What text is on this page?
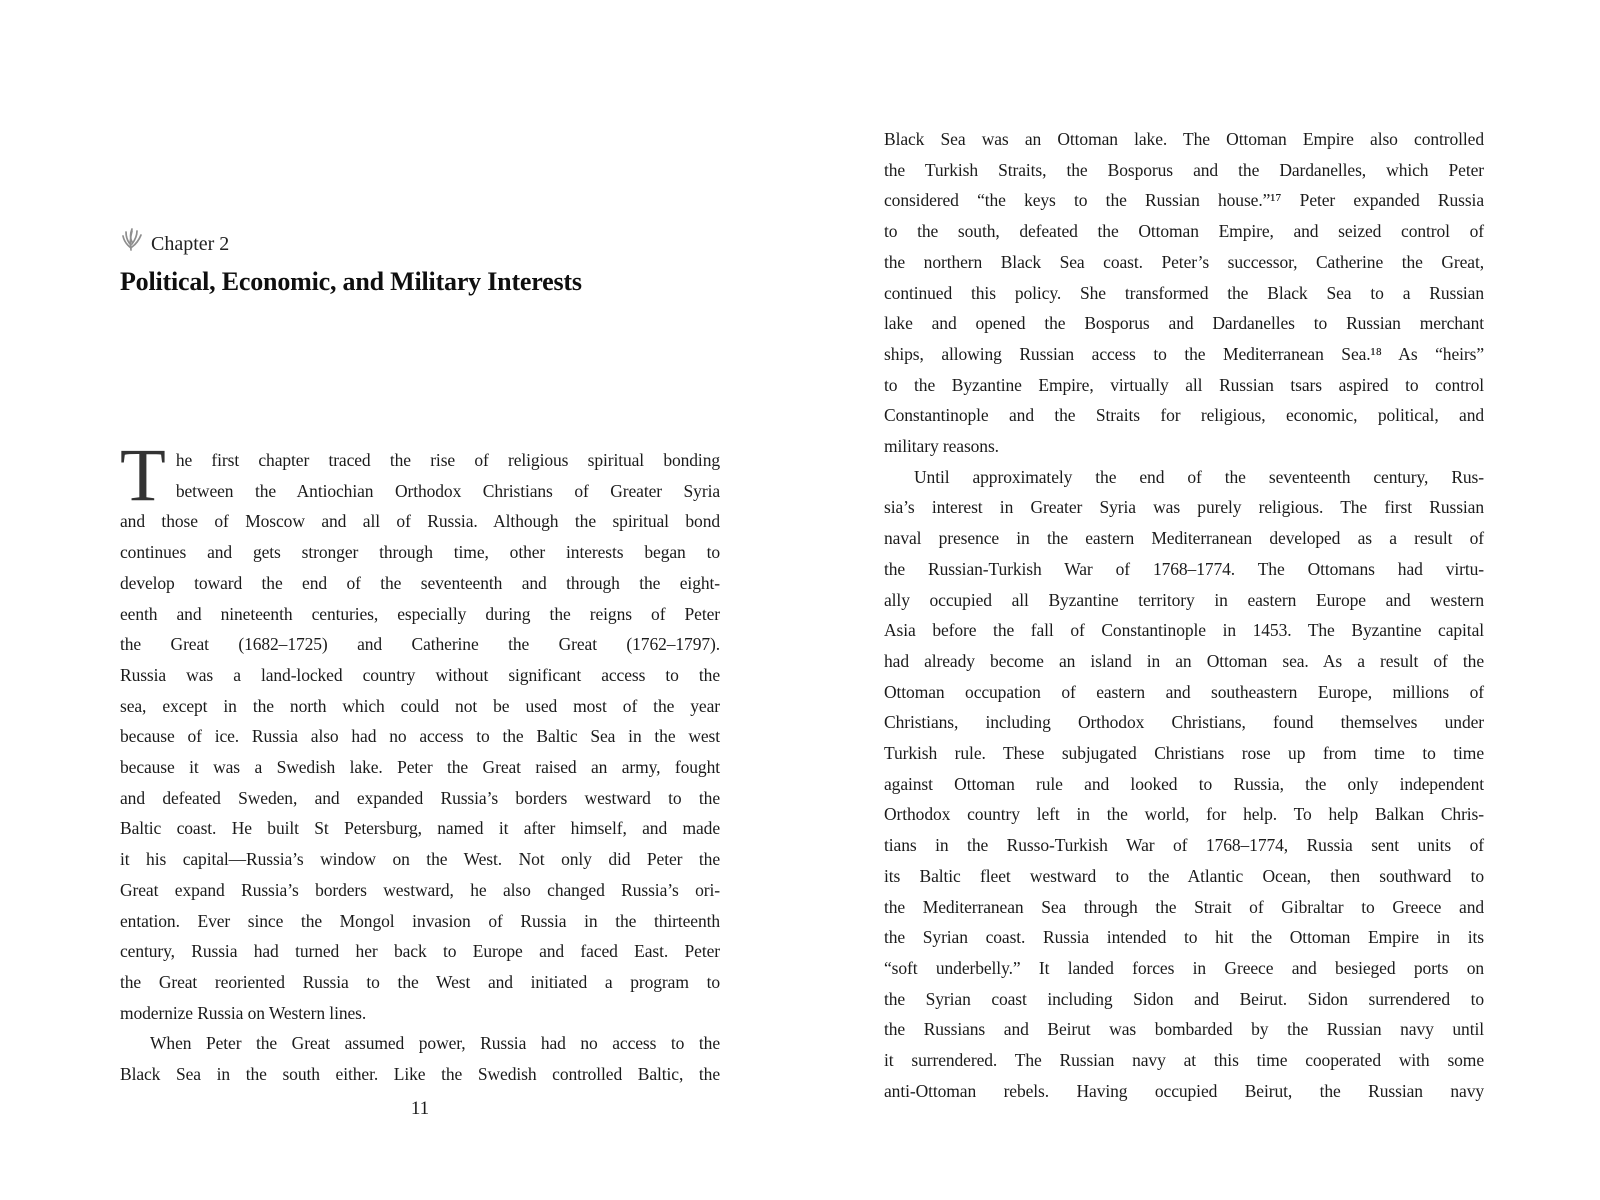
Chapter 2
Political, Economic, and Military Interests
T he first chapter traced the rise of religious spiritual bonding
between the Antiochian Orthodox Christians of Greater Syria
and those of Moscow and all of Russia. Although the spiritual bond
continues and gets stronger through time, other interests began to
develop toward the end of the seventeenth and through the eight-
eenth and nineteenth centuries, especially during the reigns of Peter
the Great (1682–1725) and Catherine the Great (1762–1797).
Russia was a land-locked country without significant access to the
sea, except in the north which could not be used most of the year
because of ice. Russia also had no access to the Baltic Sea in the west
because it was a Swedish lake. Peter the Great raised an army, fought
and defeated Sweden, and expanded Russia’s borders westward to the
Baltic coast. He built St Petersburg, named it after himself, and made
it his capital—Russia’s window on the West. Not only did Peter the
Great expand Russia’s borders westward, he also changed Russia’s ori-
entation. Ever since the Mongol invasion of Russia in the thirteenth
century, Russia had turned her back to Europe and faced East. Peter
the Great reoriented Russia to the West and initiated a program to
modernize Russia on Western lines.
When Peter the Great assumed power, Russia had no access to the
Black Sea in the south either. Like the Swedish controlled Baltic, the
11
Black Sea was an Ottoman lake. The Ottoman Empire also controlled
the Turkish Straits, the Bosporus and the Dardanelles, which Peter
considered “the keys to the Russian house.”¹⁷ Peter expanded Russia
to the south, defeated the Ottoman Empire, and seized control of
the northern Black Sea coast. Peter’s successor, Catherine the Great,
continued this policy. She transformed the Black Sea to a Russian
lake and opened the Bosporus and Dardanelles to Russian merchant
ships, allowing Russian access to the Mediterranean Sea.¹⁸ As “heirs”
to the Byzantine Empire, virtually all Russian tsars aspired to control
Constantinople and the Straits for religious, economic, political, and
military reasons.
Until approximately the end of the seventeenth century, Rus-
sia’s interest in Greater Syria was purely religious. The first Russian
naval presence in the eastern Mediterranean developed as a result of
the Russian-Turkish War of 1768–1774. The Ottomans had virtu-
ally occupied all Byzantine territory in eastern Europe and western
Asia before the fall of Constantinople in 1453. The Byzantine capital
had already become an island in an Ottoman sea. As a result of the
Ottoman occupation of eastern and southeastern Europe, millions of
Christians, including Orthodox Christians, found themselves under
Turkish rule. These subjugated Christians rose up from time to time
against Ottoman rule and looked to Russia, the only independent
Orthodox country left in the world, for help. To help Balkan Chris-
tians in the Russo-Turkish War of 1768–1774, Russia sent units of
its Baltic fleet westward to the Atlantic Ocean, then southward to
the Mediterranean Sea through the Strait of Gibraltar to Greece and
the Syrian coast. Russia intended to hit the Ottoman Empire in its
“soft underbelly.” It landed forces in Greece and besieged ports on
the Syrian coast including Sidon and Beirut. Sidon surrendered to
the Russians and Beirut was bombarded by the Russian navy until
it surrendered. The Russian navy at this time cooperated with some
anti-Ottoman rebels. Having occupied Beirut, the Russian navy
